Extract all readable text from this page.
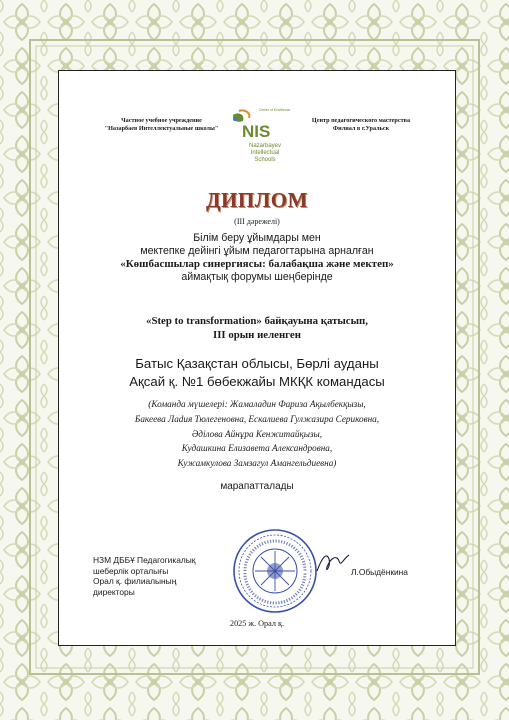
Частное учебное учреждение
"Назарбаев Интеллектуальные школы"
Center of Excellence
NIS
Nazarbayev Intellectual Schools
Центр педагогического мастерства
Филиал в г.Уральск
ДИПЛОМ
(ІІІ дәрежелі)
Білім беру ұйымдары мен
мектепке дейінгі ұйым педагогтарына арналған
«Көшбасшылар синергиясы: балабақша және мектеп»
аймақтық форумы шеңберінде
«Step to transformation» байқауына қатысып,
ІІІ орын иеленген
Батыс Қазақстан облысы, Бөрлі ауданы
Ақсай қ. №1 бөбекжайы МКҚК командасы
(Команда мүшелері: Жамаладин Фариза Ақылбекқызы,
Бакеева Лаdия Тюлегеновна, Ескалиева Гулжазира Сериковна,
Әділова Айнұра Кенжитайқызы,
Кудашкина Елизавета Александровна,
Кужамкулова Замзагул Амангельдиевна)
марапатталады
НЗМ ДББҰ Педагогикалық
шеберлік орталығы
Орал қ. филиалының
директоры
Л.Обыдёнкина
2025 ж. Орал қ.
